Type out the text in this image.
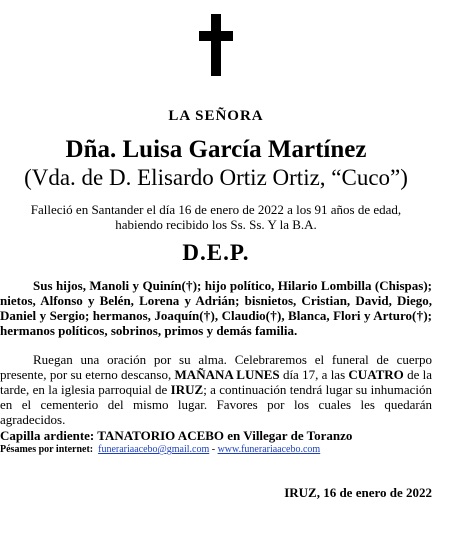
LA SEÑORA
Dña. Luisa García Martínez
(Vda. de D. Elisardo Ortiz Ortiz, “Cuco”)
Falleció en Santander el día 16 de enero de 2022 a los 91 años de edad,
habiendo recibido los Ss. Ss. Y la B.A.
D.E.P.
Sus hijos, Manoli y Quinín(†); hijo político, Hilario Lombilla (Chispas); nietos, Alfonso y Belén, Lorena y Adrián; bisnietos, Cristian, David, Diego, Daniel y Sergio; hermanos, Joaquín(†), Claudio(†), Blanca, Flori y Arturo(†); hermanos políticos, sobrinos, primos y demás familia.
Ruegan una oración por su alma. Celebraremos el funeral de cuerpo presente, por su eterno descanso, MAÑANA LUNES día 17, a las CUATRO de la tarde, en la iglesia parroquial de IRUZ; a continuación tendrá lugar su inhumación en el cementerio del mismo lugar. Favores por los cuales les quedarán agradecidos.
Capilla ardiente: TANATORIO ACEBO en Villegar de Toranzo
Pésames por internet: funerariaacebo@gmail.com - www.funerariaacebo.com
IRUZ, 16 de enero de 2022
